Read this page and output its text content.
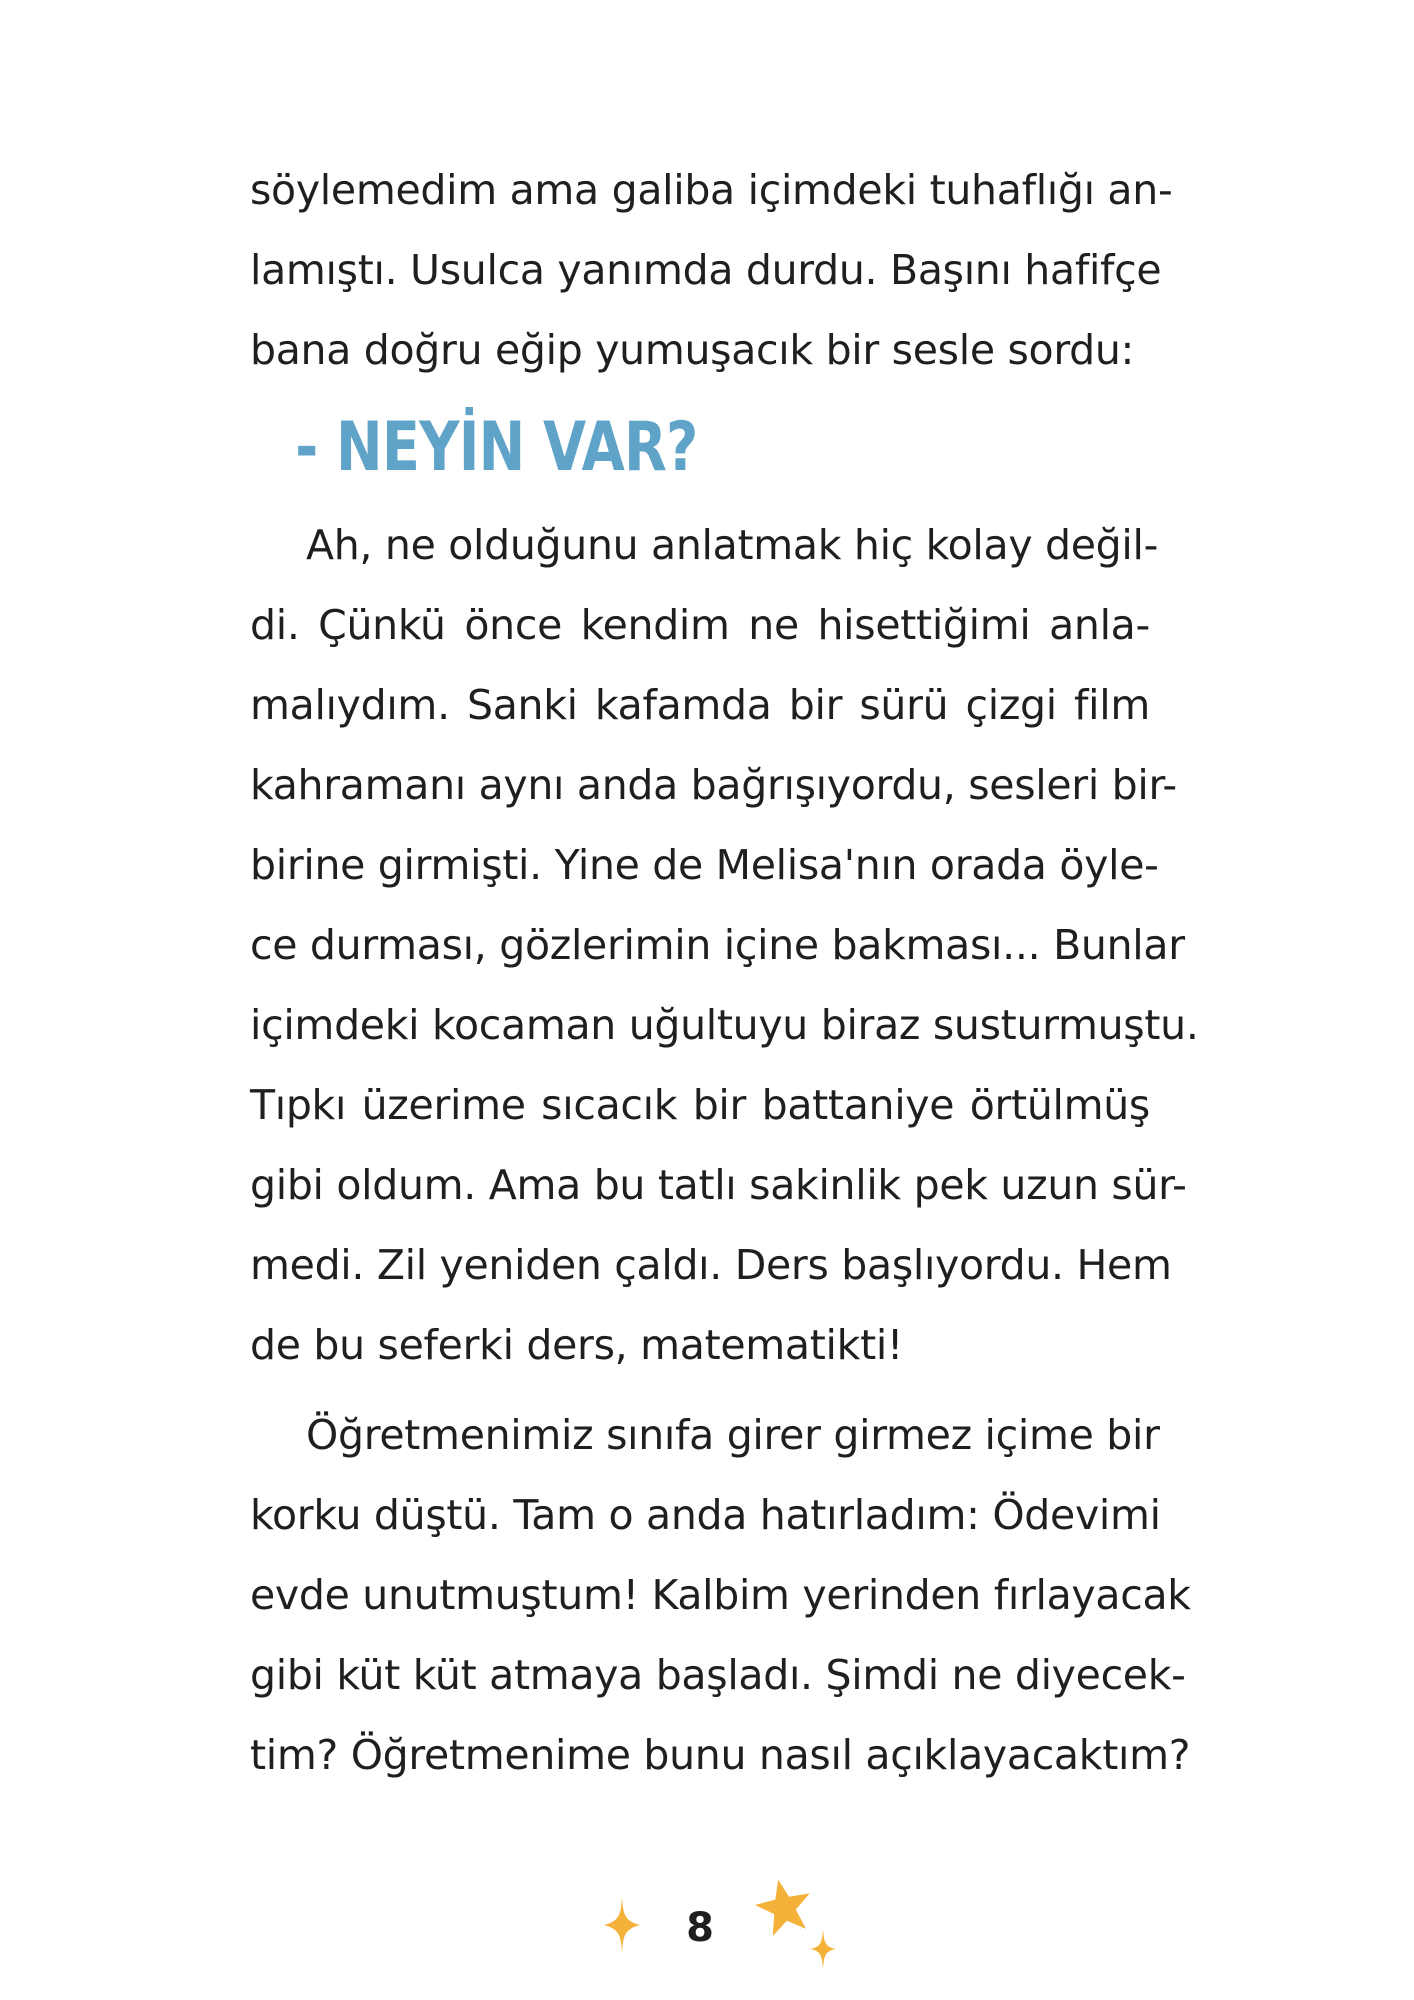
söylemedim ama galiba içimdeki tuhaflığı an-
lamıştı. Usulca yanımda durdu. Başını hafifçe
bana doğru eğip yumuşacık bir sesle sordu:
- NEYİN VAR?
Ah, ne olduğunu anlatmak hiç kolay değil-
di. Çünkü önce kendim ne hisettiğimi anla-
malıydım. Sanki kafamda bir sürü çizgi film
kahramanı aynı anda bağrışıyordu, sesleri bir-
birine girmişti. Yine de Melisa'nın orada öyle-
ce durması, gözlerimin içine bakması... Bunlar
içimdeki kocaman uğultuyu biraz susturmuştu.
Tıpkı üzerime sıcacık bir battaniye örtülmüş
gibi oldum. Ama bu tatlı sakinlik pek uzun sür-
medi. Zil yeniden çaldı. Ders başlıyordu. Hem
de bu seferki ders, matematikti!
Öğretmenimiz sınıfa girer girmez içime bir
korku düştü. Tam o anda hatırladım: Ödevimi
evde unutmuştum! Kalbim yerinden fırlayacak
gibi küt küt atmaya başladı. Şimdi ne diyecek-
tim? Öğretmenime bunu nasıl açıklayacaktım?
8
